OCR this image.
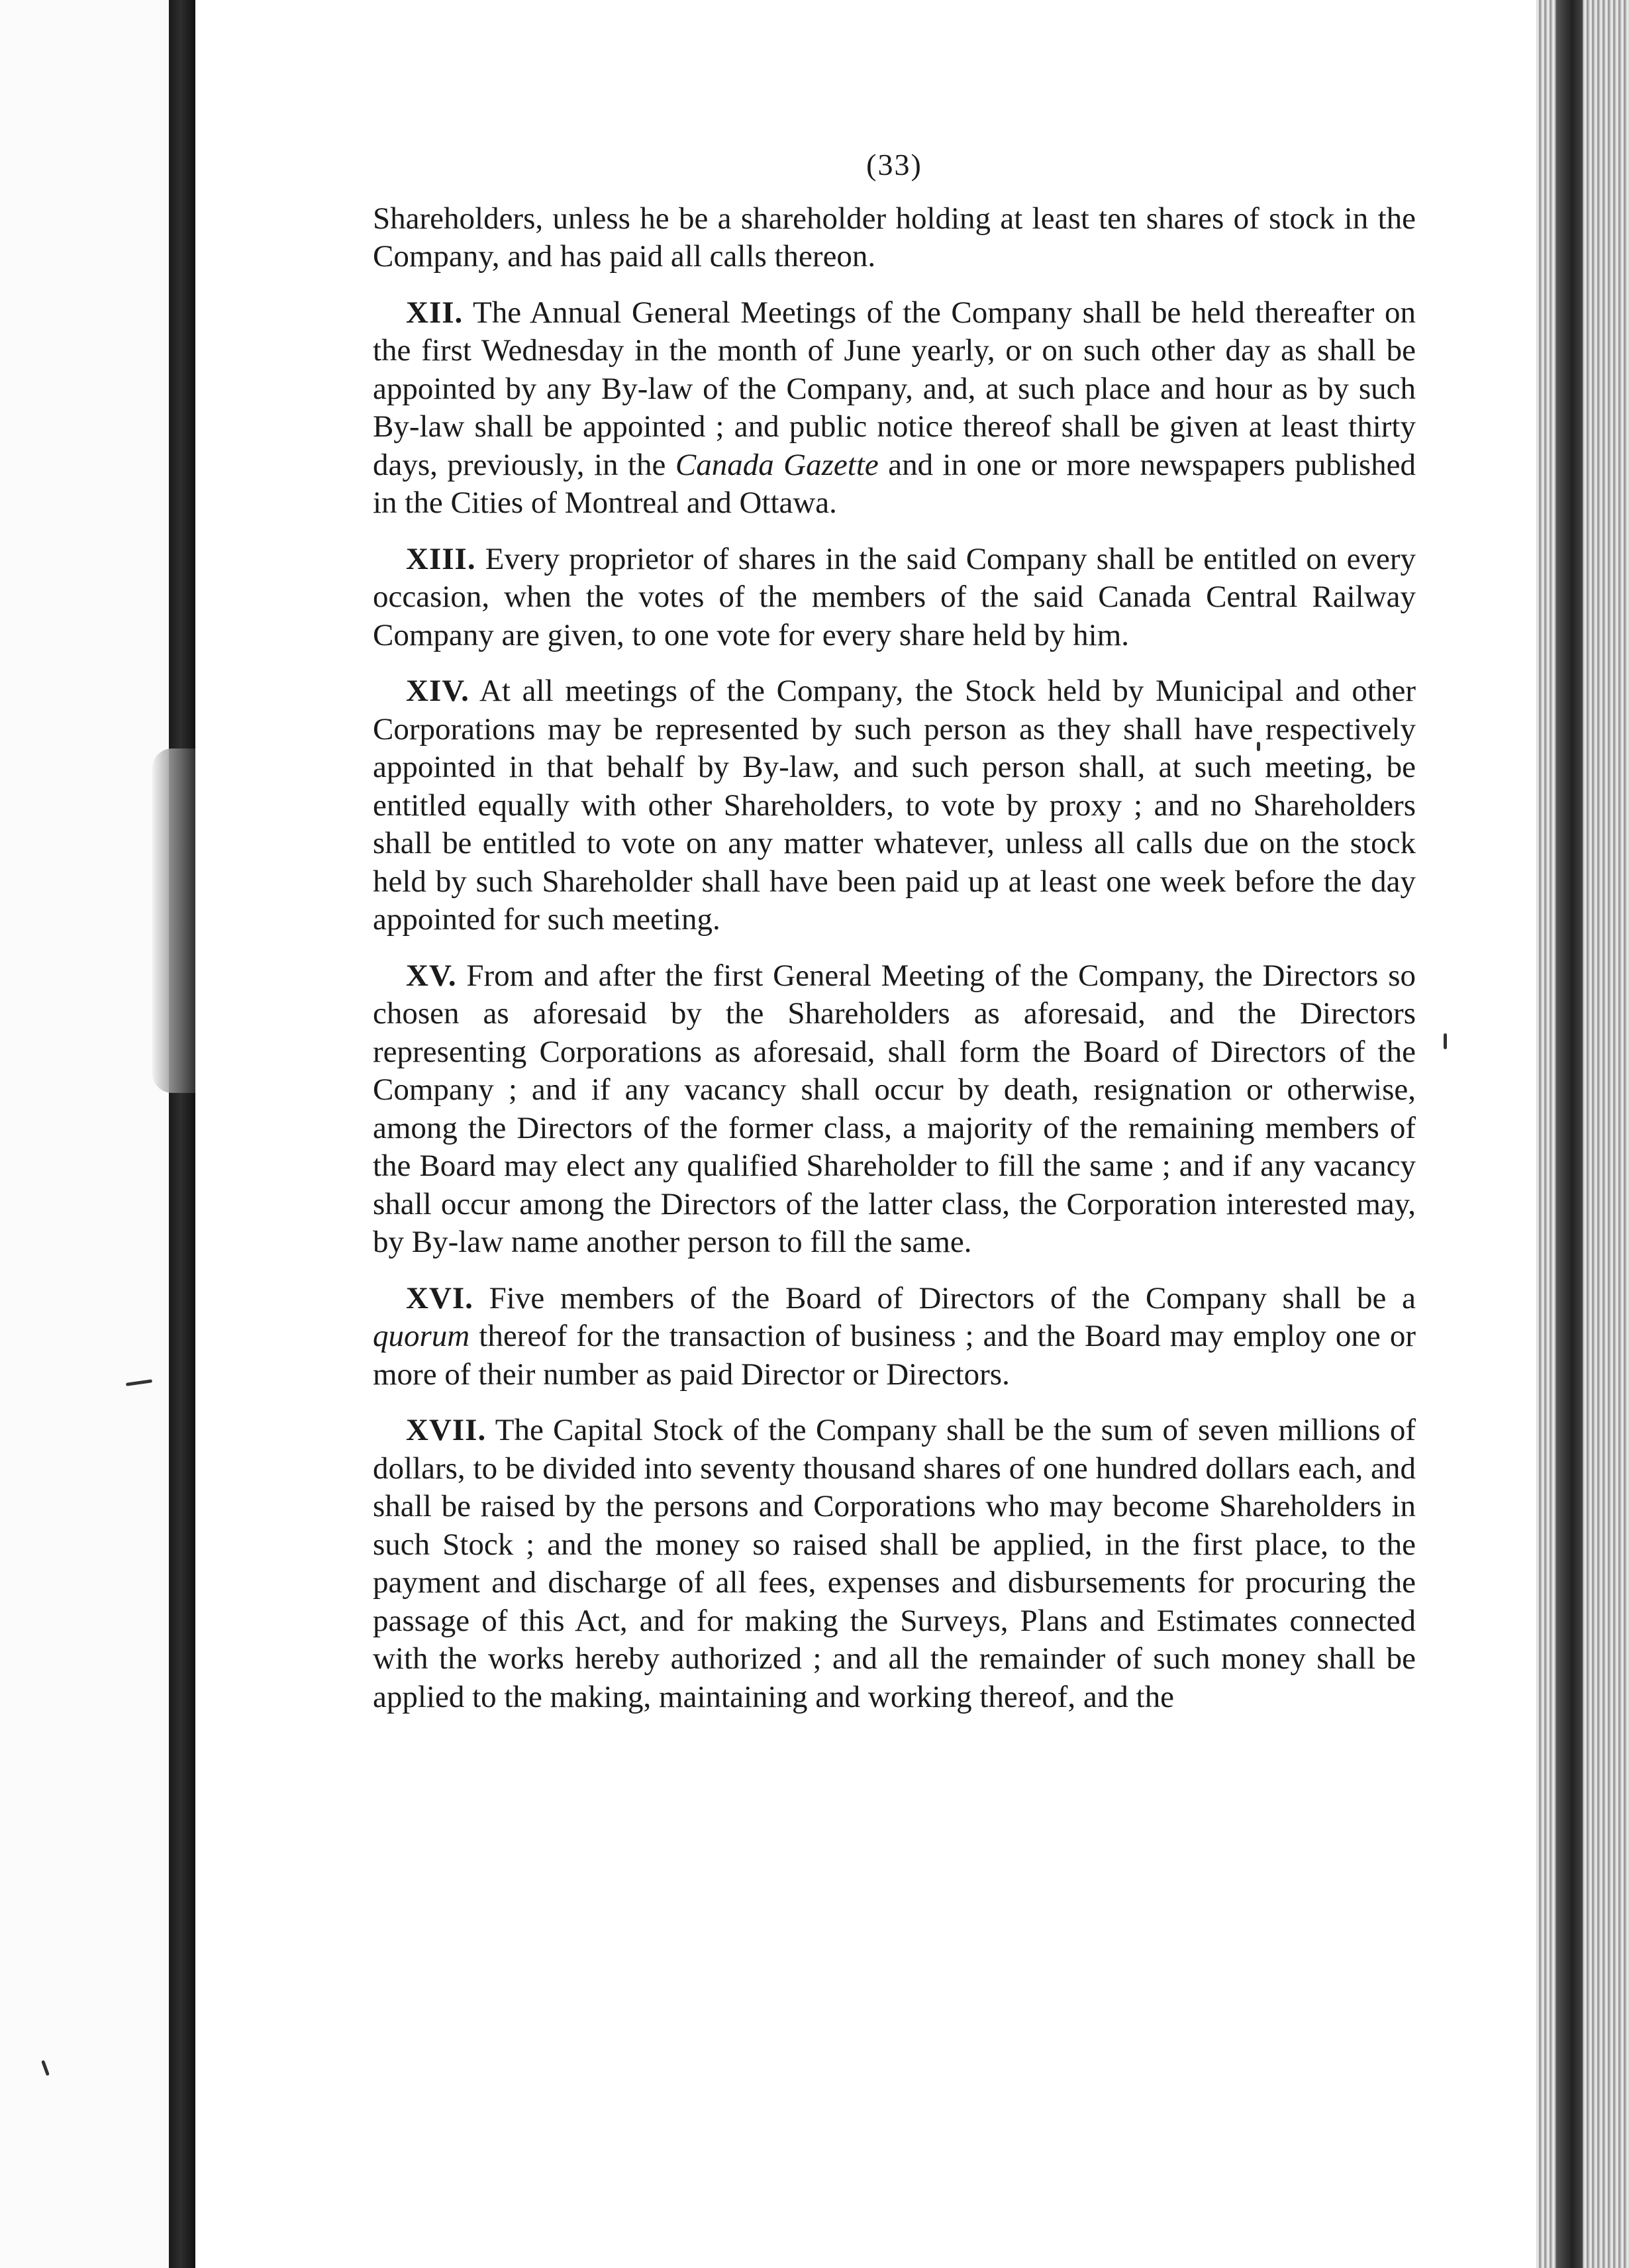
(33)

Shareholders, unless he be a shareholder holding at least ten shares of stock in the Company, and has paid all calls thereon.

XII. The Annual General Meetings of the Company shall be held thereafter on the first Wednesday in the month of June yearly, or on such other day as shall be appointed by any By-law of the Company, and, at such place and hour as by such By-law shall be appointed ; and public notice thereof shall be given at least thirty days, previously, in the Canada Gazette and in one or more newspapers published in the Cities of Montreal and Ottawa.

XIII. Every proprietor of shares in the said Company shall be entitled on every occasion, when the votes of the members of the said Canada Central Railway Company are given, to one vote for every share held by him.

XIV. At all meetings of the Company, the Stock held by Municipal and other Corporations may be represented by such person as they shall have respectively appointed in that behalf by By-law, and such person shall, at such meeting, be entitled equally with other Shareholders, to vote by proxy ; and no Shareholders shall be entitled to vote on any matter whatever, unless all calls due on the stock held by such Shareholder shall have been paid up at least one week before the day appointed for such meeting.

XV. From and after the first General Meeting of the Company, the Directors so chosen as aforesaid by the Shareholders as aforesaid, and the Directors representing Corporations as aforesaid, shall form the Board of Directors of the Company ; and if any vacancy shall occur by death, resignation or otherwise, among the Directors of the former class, a majority of the remaining members of the Board may elect any qualified Shareholder to fill the same ; and if any vacancy shall occur among the Directors of the latter class, the Corporation interested may, by By-law name another person to fill the same.

XVI. Five members of the Board of Directors of the Company shall be a quorum thereof for the transaction of business ; and the Board may employ one or more of their number as paid Director or Directors.

XVII. The Capital Stock of the Company shall be the sum of seven millions of dollars, to be divided into seventy thousand shares of one hundred dollars each, and shall be raised by the persons and Corporations who may become Shareholders in such Stock ; and the money so raised shall be applied, in the first place, to the payment and discharge of all fees, expenses and disbursements for procuring the passage of this Act, and for making the Surveys, Plans and Estimates connected with the works hereby authorized ; and all the remainder of such money shall be applied to the making, maintaining and working thereof, and the
